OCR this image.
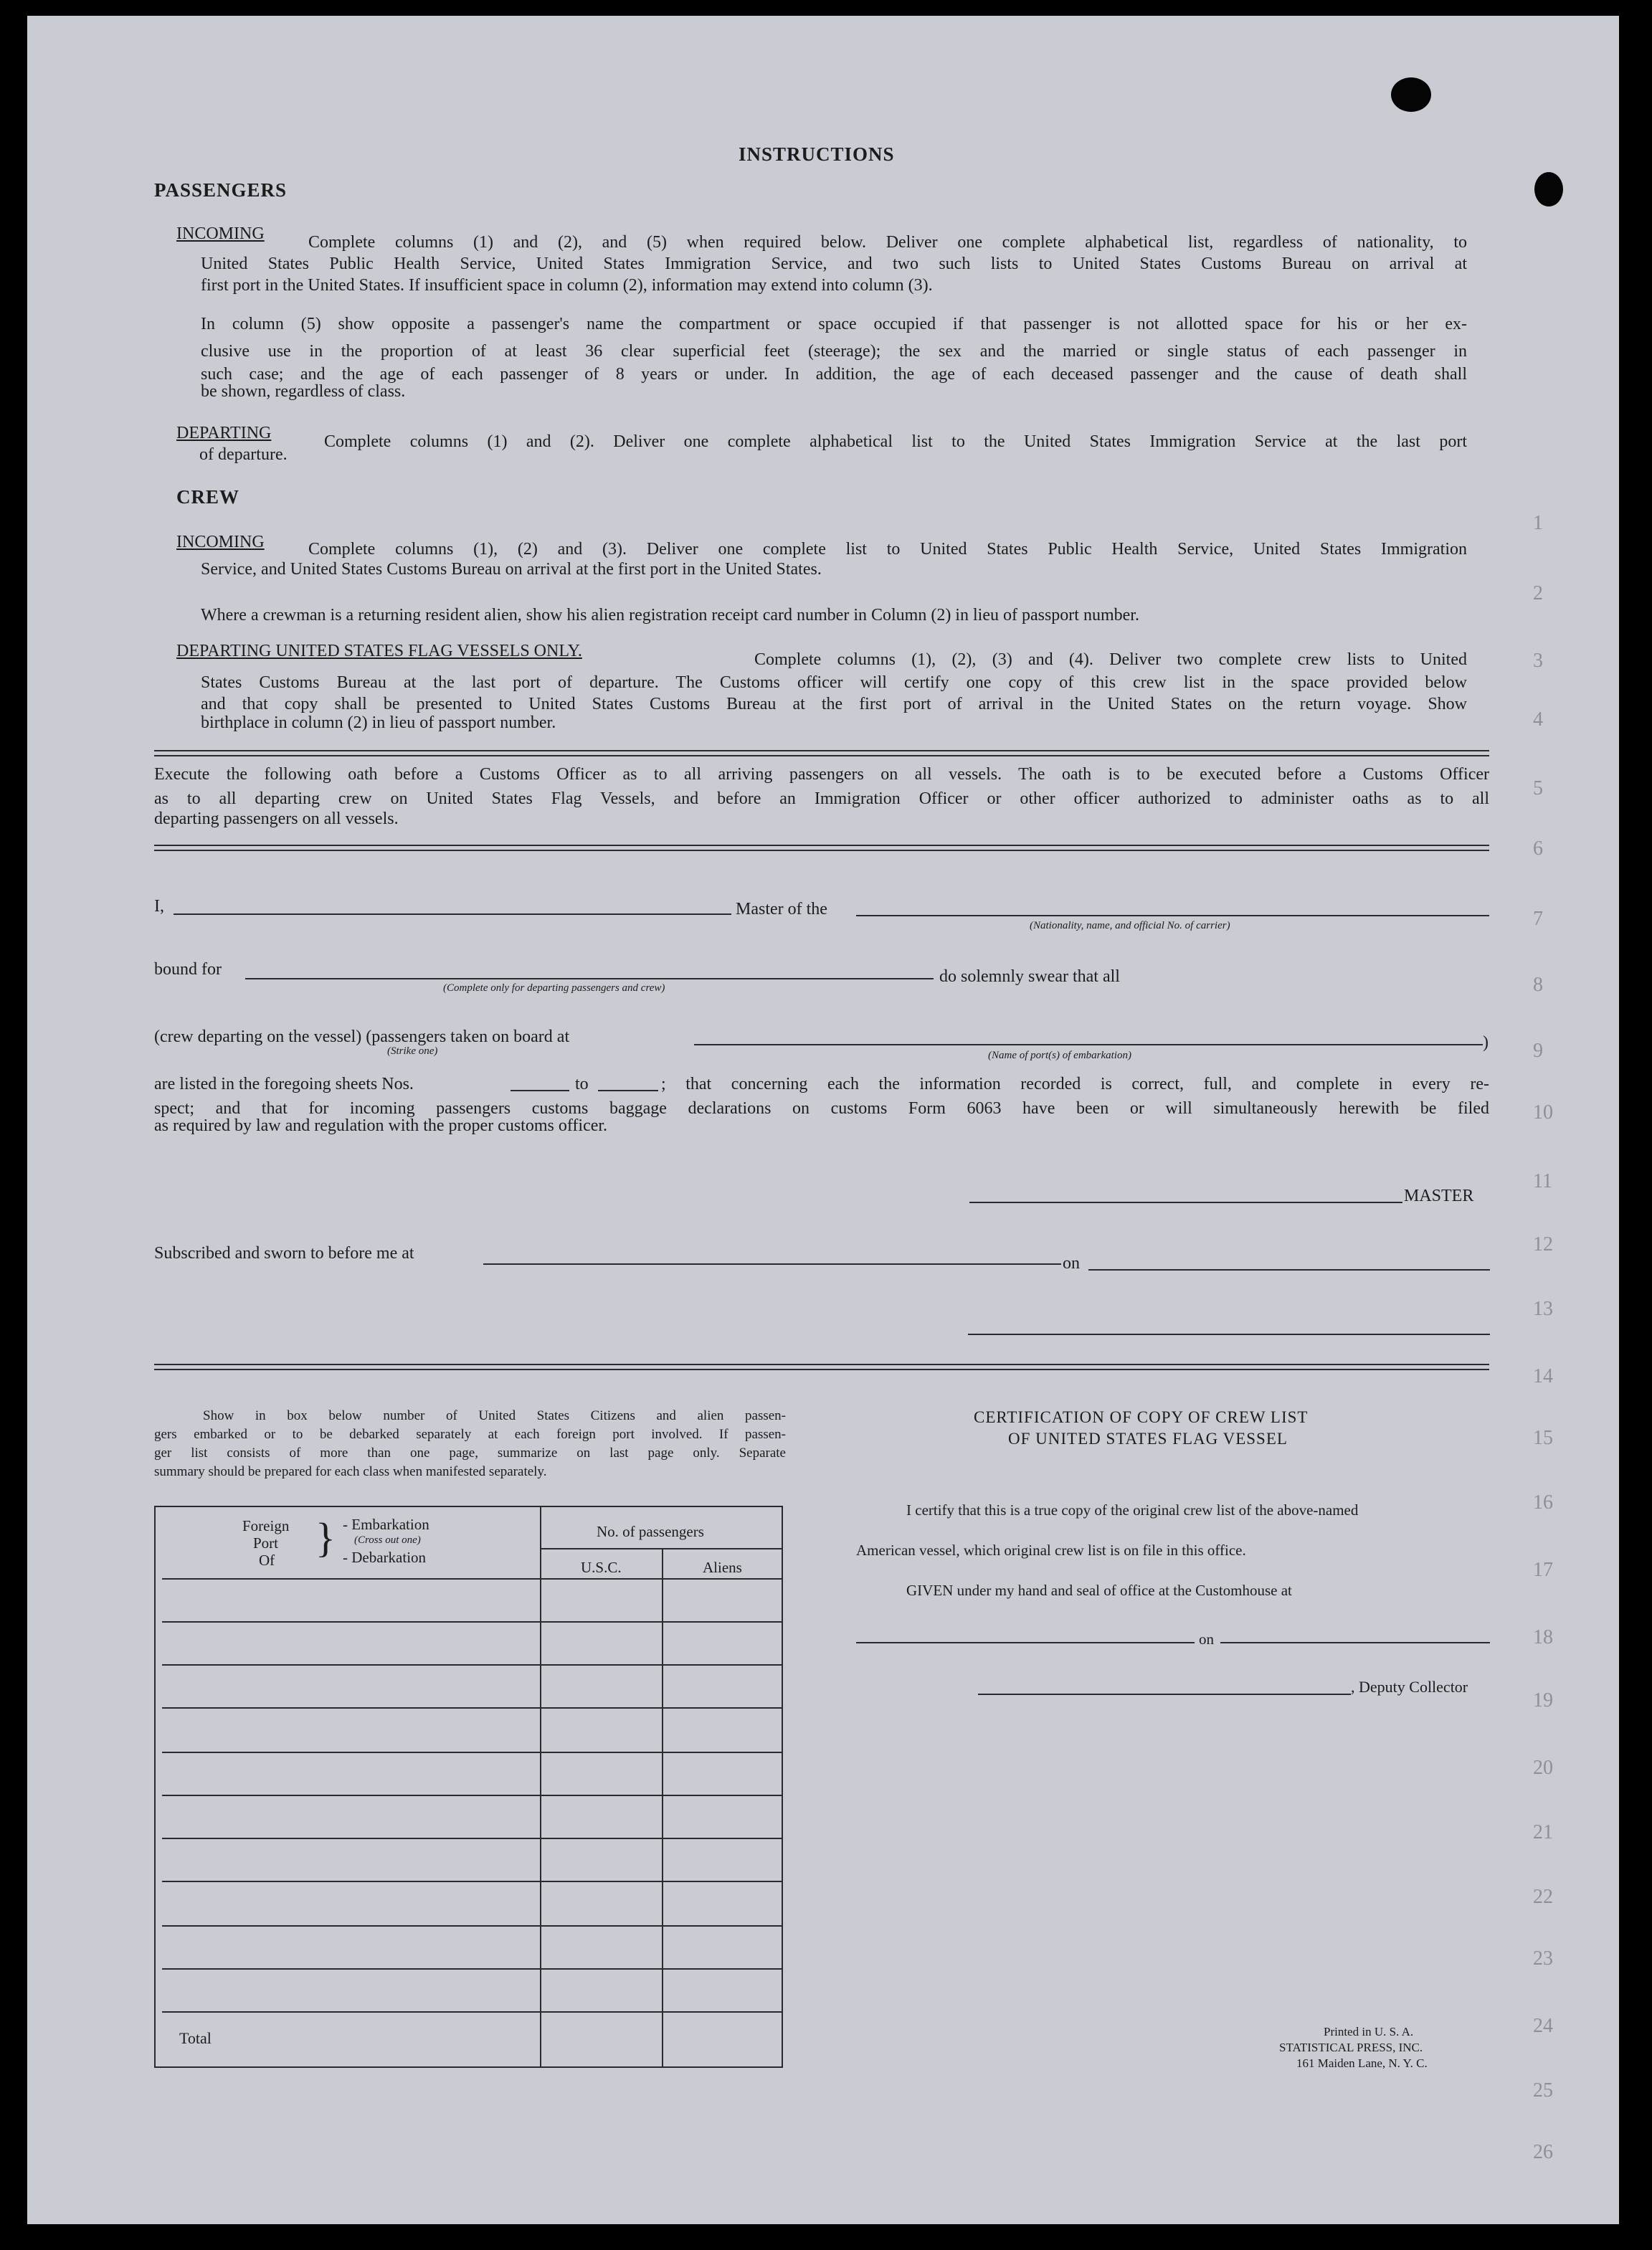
INSTRUCTIONS
PASSENGERS
INCOMING	Complete columns (1) and (2), and (5) when required below. Deliver one complete alphabetical list, regardless of nationality, to
United States Public Health Service, United States Immigration Service, and two such lists to United States Customs Bureau on arrival at
first port in the United States. If insufficient space in column (2), information may extend into column (3).
In column (5) show opposite a passenger's name the compartment or space occupied if that passenger is not allotted space for his or her ex-
clusive use in the proportion of at least 36 clear superficial feet (steerage); the sex and the married or single status of each passenger in
such case; and the age of each passenger of 8 years or under. In addition, the age of each deceased passenger and the cause of death shall
be shown, regardless of class.
DEPARTING	Complete columns (1) and (2). Deliver one complete alphabetical list to the United States Immigration Service at the last port
of departure.
CREW
INCOMING	Complete columns (1), (2) and (3). Deliver one complete list to United States Public Health Service, United States Immigration
Service, and United States Customs Bureau on arrival at the first port in the United States.
Where a crewman is a returning resident alien, show his alien registration receipt card number in Column (2) in lieu of passport number.
DEPARTING UNITED STATES FLAG VESSELS ONLY.	Complete columns (1), (2), (3) and (4). Deliver two complete crew lists to United
States Customs Bureau at the last port of departure. The Customs officer will certify one copy of this crew list in the space provided below
and that copy shall be presented to United States Customs Bureau at the first port of arrival in the United States on the return voyage. Show
birthplace in column (2) in lieu of passport number.
Execute the following oath before a Customs Officer as to all arriving passengers on all vessels. The oath is to be executed before a Customs Officer
as to all departing crew on United States Flag Vessels, and before an Immigration Officer or other officer authorized to administer oaths as to all
departing passengers on all vessels.
I,	Master of the
(Nationality, name, and official No. of carrier)
bound for
(Complete only for departing passengers and crew)
do solemnly swear that all
(crew departing on the vessel) (passengers taken on board at
(Strike one)	)
(Name of port(s) of embarkation)
are listed in the foregoing sheets Nos.	to	; that concerning each the information recorded is correct, full, and complete in every re-
spect; and that for incoming passengers customs baggage declarations on customs Form 6063 have been or will simultaneously herewith be filed
as required by law and regulation with the proper customs officer.
MASTER
Subscribed and sworn to before me at
on
Show in box below number of United States Citizens and alien passen-
gers embarked or to be debarked separately at each foreign port involved. If passen-
ger list consists of more than one page, summarize on last page only. Separate
summary should be prepared for each class when manifested separately.
Foreign
Port
Of } - Embarkation
(Cross out one)
- Debarkation
No. of passengers
U.S.C.	Aliens
Total
CERTIFICATION OF COPY OF CREW LIST
OF UNITED STATES FLAG VESSEL
I certify that this is a true copy of the original crew list of the above-named
American vessel, which original crew list is on file in this office.
GIVEN under my hand and seal of office at the Customhouse at
on
, Deputy Collector
Printed in U. S. A.
STATISTICAL PRESS, INC.
161 Maiden Lane, N. Y. C.
1
2
3
4
5
6
7
8
9
10
11
12
13
14
15
16
17
18
19
20
21
22
23
24
25
26
